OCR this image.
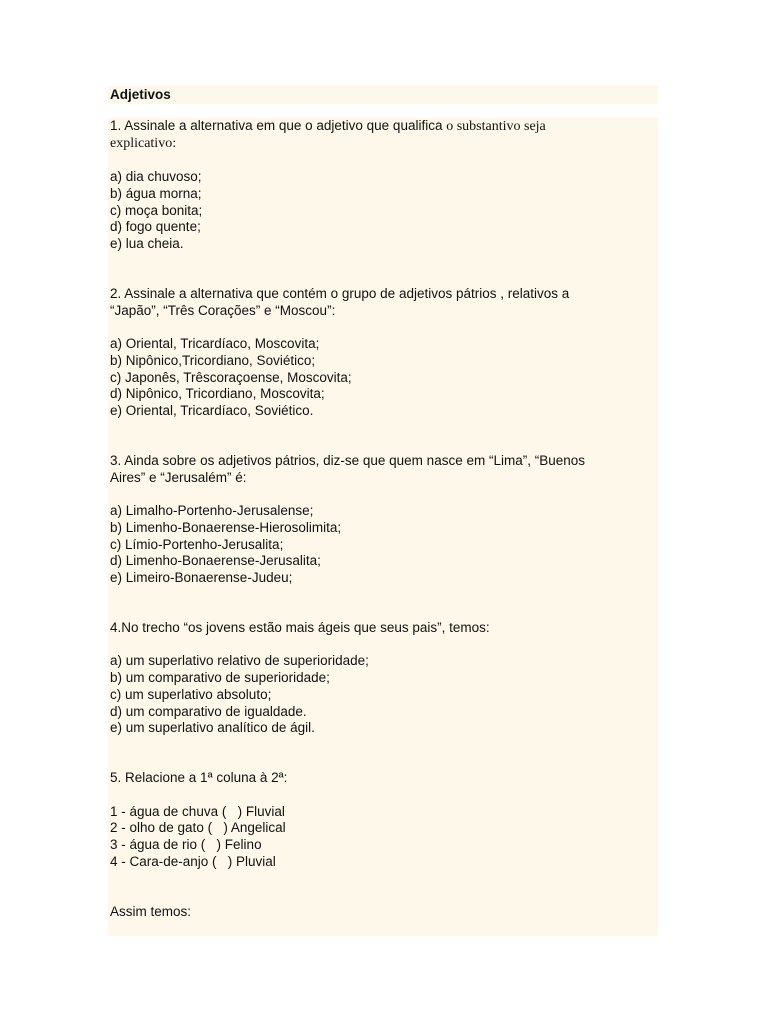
Adjetivos

1. Assinale a alternativa em que o adjetivo que qualifica o substantivo seja

explicativo:

a) dia chuvoso;
b) água morna;
c) moça bonita;
d) fogo quente;
e) lua cheia.

2. Assinale a alternativa que contém o grupo de adjetivos pátrios , relativos a

“Japão”, “Três Corações” e “Moscou”:

a) Oriental, Tricardíaco, Moscovita;
b) Nipônico,Tricordiano, Soviético;
c) Japonês, Trêscoraçoense, Moscovita;
d) Nipônico, Tricordiano, Moscovita;
e) Oriental, Tricardíaco, Soviético.

3. Ainda sobre os adjetivos pátrios, diz-se que quem nasce em “Lima”, “Buenos

Aires” e “Jerusalém” é:

a) Limalho-Portenho-Jerusalense;
b) Limenho-Bonaerense-Hierosolimita;
c) Límio-Portenho-Jerusalita;
d) Limenho-Bonaerense-Jerusalita;
e) Limeiro-Bonaerense-Judeu;

4.No trecho “os jovens estão mais ágeis que seus pais”, temos:

a) um superlativo relativo de superioridade;
b) um comparativo de superioridade;
c) um superlativo absoluto;
d) um comparativo de igualdade.
e) um superlativo analítico de ágil.

5. Relacione a 1ª coluna à 2ª:

1 - água de chuva (   ) Fluvial
2 - olho de gato (   ) Angelical
3 - água de rio (   ) Felino
4 - Cara-de-anjo (   ) Pluvial

Assim temos:
